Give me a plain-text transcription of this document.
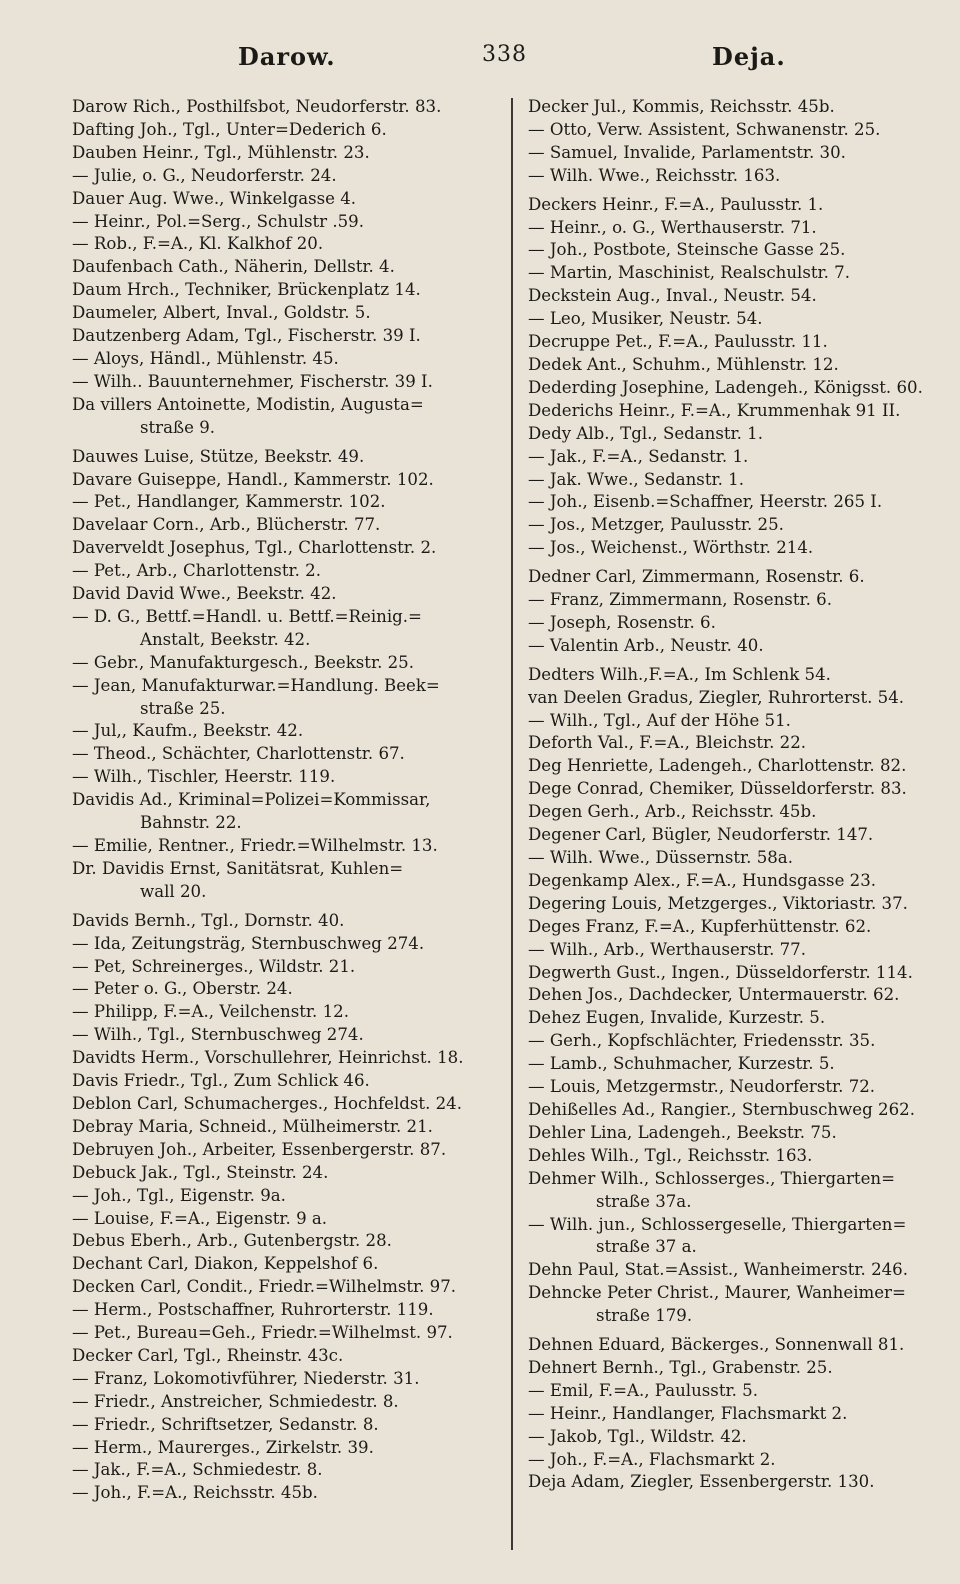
Darow.	338	Deja.
Darow Rich., Posthilfsbot, Neudorferstr. 83.
Dafting Joh., Tgl., Unter=Dederich 6.
Dauben Heinr., Tgl., Mühlenstr. 23.
— Julie, o. G., Neudorferstr. 24.
Dauer Aug. Wwe., Winkelgasse 4.
— Heinr., Pol.=Serg., Schulstr .59.
— Rob., F.=A., Kl. Kalkhof 20.
Daufenbach Cath., Näherin, Dellstr. 4.
Daum Hrch., Techniker, Brückenplatz 14.
Daumeler, Albert, Inval., Goldstr. 5.
Dautzenberg Adam, Tgl., Fischerstr. 39 I.
— Aloys, Händl., Mühlenstr. 45.
— Wilh.. Bauunternehmer, Fischerstr. 39 I.
Da villers Antoinette, Modistin, Augusta=
straße 9.
Dauwes Luise, Stütze, Beekstr. 49.
Davare Guiseppe, Handl., Kammerstr. 102.
— Pet., Handlanger, Kammerstr. 102.
Davelaar Corn., Arb., Blücherstr. 77.
Daverveldt Josephus, Tgl., Charlottenstr. 2.
— Pet., Arb., Charlottenstr. 2.
David David Wwe., Beekstr. 42.
— D. G., Bettf.=Handl. u. Bettf.=Reinig.=
Anstalt, Beekstr. 42.
— Gebr., Manufakturgesch., Beekstr. 25.
— Jean, Manufakturwar.=Handlung. Beek=
straße 25.
— Jul,, Kaufm., Beekstr. 42.
— Theod., Schächter, Charlottenstr. 67.
— Wilh., Tischler, Heerstr. 119.
Davidis Ad., Kriminal=Polizei=Kommissar,
Bahnstr. 22.
— Emilie, Rentner., Friedr.=Wilhelmstr. 13.
Dr. Davidis Ernst, Sanitätsrat, Kuhlen=
wall 20.
Davids Bernh., Tgl., Dornstr. 40.
— Ida, Zeitungsträg, Sternbuschweg 274.
— Pet, Schreinerges., Wildstr. 21.
— Peter o. G., Oberstr. 24.
— Philipp, F.=A., Veilchenstr. 12.
— Wilh., Tgl., Sternbuschweg 274.
Davidts Herm., Vorschullehrer, Heinrichst. 18.
Davis Friedr., Tgl., Zum Schlick 46.
Deblon Carl, Schumacherges., Hochfeldst. 24.
Debray Maria, Schneid., Mülheimerstr. 21.
Debruyen Joh., Arbeiter, Essenbergerstr. 87.
Debuck Jak., Tgl., Steinstr. 24.
— Joh., Tgl., Eigenstr. 9a.
— Louise, F.=A., Eigenstr. 9 a.
Debus Eberh., Arb., Gutenbergstr. 28.
Dechant Carl, Diakon, Keppelshof 6.
Decken Carl, Condit., Friedr.=Wilhelmstr. 97.
— Herm., Postschaffner, Ruhrorterstr. 119.
— Pet., Bureau=Geh., Friedr.=Wilhelmst. 97.
Decker Carl, Tgl., Rheinstr. 43c.
— Franz, Lokomotivführer, Niederstr. 31.
— Friedr., Anstreicher, Schmiedestr. 8.
— Friedr., Schriftsetzer, Sedanstr. 8.
— Herm., Maurerges., Zirkelstr. 39.
— Jak., F.=A., Schmiedestr. 8.
— Joh., F.=A., Reichsstr. 45b.
Decker Jul., Kommis, Reichsstr. 45b.
— Otto, Verw. Assistent, Schwanenstr. 25.
— Samuel, Invalide, Parlamentstr. 30.
— Wilh. Wwe., Reichsstr. 163.
Deckers Heinr., F.=A., Paulusstr. 1.
— Heinr., o. G., Werthauserstr. 71.
— Joh., Postbote, Steinsche Gasse 25.
— Martin, Maschinist, Realschulstr. 7.
Deckstein Aug., Inval., Neustr. 54.
— Leo, Musiker, Neustr. 54.
Decruppe Pet., F.=A., Paulusstr. 11.
Dedek Ant., Schuhm., Mühlenstr. 12.
Dederding Josephine, Ladengeh., Königsst. 60.
Dederichs Heinr., F.=A., Krummenhak 91 II.
Dedy Alb., Tgl., Sedanstr. 1.
— Jak., F.=A., Sedanstr. 1.
— Jak. Wwe., Sedanstr. 1.
— Joh., Eisenb.=Schaffner, Heerstr. 265 I.
— Jos., Metzger, Paulusstr. 25.
— Jos., Weichenst., Wörthstr. 214.
Dedner Carl, Zimmermann, Rosenstr. 6.
— Franz, Zimmermann, Rosenstr. 6.
— Joseph, Rosenstr. 6.
— Valentin Arb., Neustr. 40.
Dedters Wilh.,F.=A., Im Schlenk 54.
van Deelen Gradus, Ziegler, Ruhrorterst. 54.
— Wilh., Tgl., Auf der Höhe 51.
Deforth Val., F.=A., Bleichstr. 22.
Deg Henriette, Ladengeh., Charlottenstr. 82.
Dege Conrad, Chemiker, Düsseldorferstr. 83.
Degen Gerh., Arb., Reichsstr. 45b.
Degener Carl, Bügler, Neudorferstr. 147.
— Wilh. Wwe., Düssernstr. 58a.
Degenkamp Alex., F.=A., Hundsgasse 23.
Degering Louis, Metzgerges., Viktoriastr. 37.
Deges Franz, F.=A., Kupferhüttenstr. 62.
— Wilh., Arb., Werthauserstr. 77.
Degwerth Gust., Ingen., Düsseldorferstr. 114.
Dehen Jos., Dachdecker, Untermauerstr. 62.
Dehez Eugen, Invalide, Kurzestr. 5.
— Gerh., Kopfschlächter, Friedensstr. 35.
— Lamb., Schuhmacher, Kurzestr. 5.
— Louis, Metzgermstr., Neudorferstr. 72.
Dehißelles Ad., Rangier., Sternbuschweg 262.
Dehler Lina, Ladengeh., Beekstr. 75.
Dehles Wilh., Tgl., Reichsstr. 163.
Dehmer Wilh., Schlosserges., Thiergarten=
straße 37a.
— Wilh. jun., Schlossergeselle, Thiergarten=
straße 37 a.
Dehn Paul, Stat.=Assist., Wanheimerstr. 246.
Dehncke Peter Christ., Maurer, Wanheimer=
straße 179.
Dehnen Eduard, Bäckerges., Sonnenwall 81.
Dehnert Bernh., Tgl., Grabenstr. 25.
— Emil, F.=A., Paulusstr. 5.
— Heinr., Handlanger, Flachsmarkt 2.
— Jakob, Tgl., Wildstr. 42.
— Joh., F.=A., Flachsmarkt 2.
Deja Adam, Ziegler, Essenbergerstr. 130.
